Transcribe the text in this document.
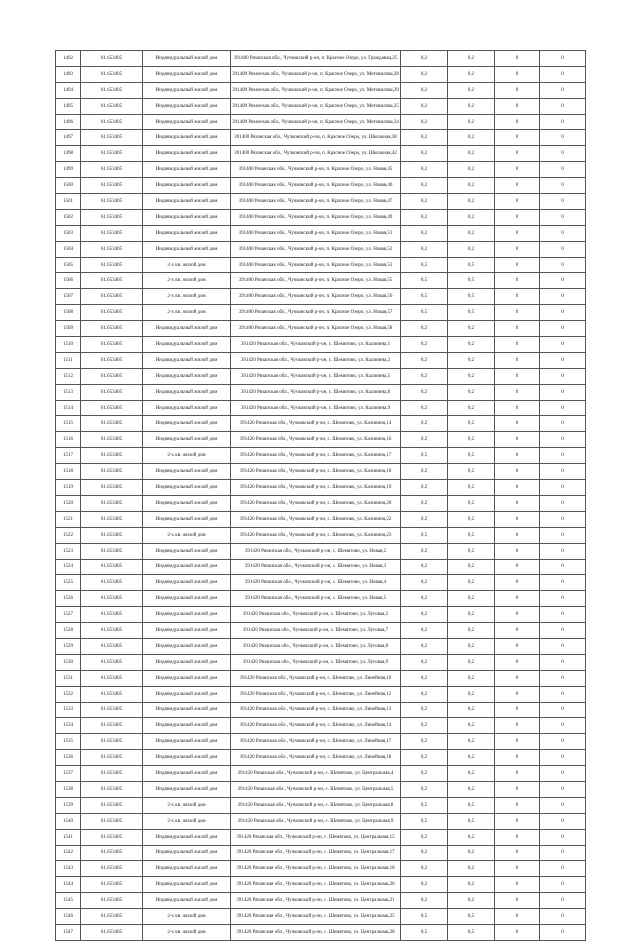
1492	61.653405	Индивидуальный жилой дом	391400 Рязанская обл., Чучковский р-он, п. Красное Озеро, ул. Гражданка,25	0,2	0,2	0	0
1493	61.653405	Индивидуальный жилой дом	391400 Рязанская обл., Чучковский р-он, п. Красное Озеро, ул. Мотовилова,28	0,2	0,2	0	0
1494	61.653405	Индивидуальный жилой дом	391400 Рязанская обл., Чучковский р-он, п. Красное Озеро, ул. Мотовилова,29	0,2	0,2	0	0
1495	61.653405	Индивидуальный жилой дом	391400 Рязанская обл., Чучковский р-он, п. Красное Озеро, ул. Мотовилова,35	0,2	0,2	0	0
1496	61.653405	Индивидуальный жилой дом	391400 Рязанская обл., Чучковский р-он, п. Красное Озеро, ул. Мотовилова,34	0,2	0,2	0	0
1497	61.653405	Индивидуальный жилой дом	391400 Рязанская обл., Чучковский р-он, п. Красное Озеро, ул. Школьная,38	0,2	0,2	0	0
1498	61.653405	Индивидуальный жилой дом	391400 Рязанская обл., Чучковский р-он, п. Красное Озеро, ул. Школьная,42	0,2	0,2	0	0
1499	61.653405	Индивидуальный жилой дом	391400 Рязанская обл., Чучковский р-он, п. Красное Озеро, ул. Новая,45	0,2	0,2	0	0
1500	61.653405	Индивидуальный жилой дом	391400 Рязанская обл., Чучковский р-он, п. Красное Озеро, ул. Новая,46	0,2	0,2	0	0
1501	61.653405	Индивидуальный жилой дом	391400 Рязанская обл., Чучковский р-он, п. Красное Озеро, ул. Новая,47	0,2	0,2	0	0
1502	61.653405	Индивидуальный жилой дом	391400 Рязанская обл., Чучковский р-он, п. Красное Озеро, ул. Новая,49	0,2	0,2	0	0
1503	61.653405	Индивидуальный жилой дом	391400 Рязанская обл., Чучковский р-он, п. Красное Озеро, ул. Новая,51	0,2	0,2	0	0
1504	61.653405	Индивидуальный жилой дом	391400 Рязанская обл., Чучковский р-он, п. Красное Озеро, ул. Новая,52	0,2	0,2	0	0
1505	61.653405	2-х кв. жилой дом	391400 Рязанская обл., Чучковский р-он, п. Красное Озеро, ул. Новая,53	0,5	0,5	0	0
1506	61.653405	2-х кв. жилой дом	391400 Рязанская обл., Чучковский р-он, п. Красное Озеро, ул. Новая,55	0,5	0,5	0	0
1507	61.653405	2-х кв. жилой дом	391400 Рязанская обл., Чучковский р-он, п. Красное Озеро, ул. Новая,56	0,5	0,5	0	0
1508	61.653405	2-х кв. жилой дом	391400 Рязанская обл., Чучковский р-он, п. Красное Озеро, ул. Новая,57	0,5	0,5	0	0
1509	61.653405	Индивидуальный жилой дом	391400 Рязанская обл., Чучковский р-он, п. Красное Озеро, ул. Новая,58	0,2	0,2	0	0
1510	61.653405	Индивидуальный жилой дом	391420 Рязанская обл., Чучковский р-он, с. Шемятово, ул. Калинина,1	0,2	0,2	0	0
1511	61.653405	Индивидуальный жилой дом	391420 Рязанская обл., Чучковский р-он, с. Шемятово, ул. Калинина,2	0,2	0,2	0	0
1512	61.653405	Индивидуальный жилой дом	391420 Рязанская обл., Чучковский р-он, с. Шемятово, ул. Калинина,5	0,2	0,2	0	0
1513	61.653405	Индивидуальный жилой дом	391420 Рязанская обл., Чучковский р-он, с. Шемятово, ул. Калинина,8	0,2	0,2	0	0
1514	61.653405	Индивидуальный жилой дом	391420 Рязанская обл., Чучковский р-он, с. Шемятово, ул. Калинина,9	0,2	0,2	0	0
1515	61.653405	Индивидуальный жилой дом	391420 Рязанская обл., Чучковский р-он, с. Шемятово, ул. Калинина,14	0,2	0,2	0	0
1516	61.653405	Индивидуальный жилой дом	391420 Рязанская обл., Чучковский р-он, с. Шемятово, ул. Калинина,16	0,2	0,2	0	0
1517	61.653405	2-х кв. жилой дом	391420 Рязанская обл., Чучковский р-он, с. Шемятово, ул. Калинина,17	0,5	0,5	0	0
1518	61.653405	Индивидуальный жилой дом	391420 Рязанская обл., Чучковский р-он, с. Шемятово, ул. Калинина,18	0,2	0,2	0	0
1519	61.653405	Индивидуальный жилой дом	391420 Рязанская обл., Чучковский р-он, с. Шемятово, ул. Калинина,19	0,2	0,2	0	0
1520	61.653405	Индивидуальный жилой дом	391420 Рязанская обл., Чучковский р-он, с. Шемятово, ул. Калинина,20	0,2	0,2	0	0
1521	61.653405	Индивидуальный жилой дом	391420 Рязанская обл., Чучковский р-он, с. Шемятово, ул. Калинина,22	0,2	0,2	0	0
1522	61.653405	2-х кв. жилой дом	391420 Рязанская обл., Чучковский р-он, с. Шемятово, ул. Калинина,23	0,5	0,5	0	0
1523	61.653405	Индивидуальный жилой дом	391420 Рязанская обл., Чучковский р-он, с. Шемятово, ул. Новая,2	0,2	0,2	0	0
1524	61.653405	Индивидуальный жилой дом	391420 Рязанская обл., Чучковский р-он, с. Шемятово, ул. Новая,3	0,2	0,2	0	0
1525	61.653405	Индивидуальный жилой дом	391420 Рязанская обл., Чучковский р-он, с. Шемятово, ул. Новая,4	0,2	0,2	0	0
1526	61.653405	Индивидуальный жилой дом	391420 Рязанская обл., Чучковский р-он, с. Шемятово, ул. Новая,5	0,2	0,2	0	0
1527	61.653405	Индивидуальный жилой дом	391420 Рязанская обл., Чучковский р-он, с. Шемятово, ул. Луговая,2	0,2	0,2	0	0
1528	61.653405	Индивидуальный жилой дом	391420 Рязанская обл., Чучковский р-он, с. Шемятово, ул. Луговая,7	0,2	0,2	0	0
1529	61.653405	Индивидуальный жилой дом	391420 Рязанская обл., Чучковский р-он, с. Шемятово, ул. Луговая,8	0,2	0,2	0	0
1530	61.653405	Индивидуальный жилой дом	391420 Рязанская обл., Чучковский р-он, с. Шемятово, ул. Луговая,9	0,2	0,2	0	0
1531	61.653405	Индивидуальный жилой дом	391420 Рязанская обл., Чучковский р-он, с. Шемятово, ул. Линейная,10	0,2	0,2	0	0
1532	61.653405	Индивидуальный жилой дом	391420 Рязанская обл., Чучковский р-он, с. Шемятово, ул. Линейная,12	0,2	0,2	0	0
1533	61.653405	Индивидуальный жилой дом	391420 Рязанская обл., Чучковский р-он, с. Шемятово, ул. Линейная,13	0,2	0,2	0	0
1534	61.653405	Индивидуальный жилой дом	391420 Рязанская обл., Чучковский р-он, с. Шемятово, ул. Линейная,14	0,2	0,2	0	0
1535	61.653405	Индивидуальный жилой дом	391420 Рязанская обл., Чучковский р-он, с. Шемятово, ул. Линейная,17	0,2	0,2	0	0
1536	61.653405	Индивидуальный жилой дом	391420 Рязанская обл., Чучковский р-он, с. Шемятово, ул. Линейная,18	0,2	0,2	0	0
1537	61.653405	Индивидуальный жилой дом	391420 Рязанская обл., Чучковский р-он, с. Шемятово, ул. Центральная,4	0,2	0,2	0	0
1538	61.653405	Индивидуальный жилой дом	391420 Рязанская обл., Чучковский р-он, с. Шемятово, ул. Центральная,5	0,2	0,2	0	0
1539	61.653405	2-х кв. жилой дом	391420 Рязанская обл., Чучковский р-он, с. Шемятово, ул. Центральная,8	0,5	0,5	0	0
1540	61.653405	2-х кв. жилой дом	391420 Рязанская обл., Чучковский р-он, с. Шемятово, ул. Центральная,9	0,5	0,5	0	0
1541	61.653405	Индивидуальный жилой дом	391420 Рязанская обл., Чучковский р-он, с. Шемятово, ул. Центральная,15	0,2	0,2	0	0
1542	61.653405	Индивидуальный жилой дом	391420 Рязанская обл., Чучковский р-он, с. Шемятово, ул. Центральная,17	0,2	0,2	0	0
1543	61.653405	Индивидуальный жилой дом	391420 Рязанская обл., Чучковский р-он, с. Шемятово, ул. Центральная,18	0,2	0,2	0	0
1544	61.653405	Индивидуальный жилой дом	391420 Рязанская обл., Чучковский р-он, с. Шемятово, ул. Центральная,20	0,2	0,2	0	0
1545	61.653405	Индивидуальный жилой дом	391420 Рязанская обл., Чучковский р-он, с. Шемятово, ул. Центральная,21	0,2	0,2	0	0
1546	61.653405	2-х кв. жилой дом	391420 Рязанская обл., Чучковский р-он, с. Шемятово, ул. Центральная,25	0,5	0,5	0	0
1547	61.653405	2-х кв. жилой дом	391420 Рязанская обл., Чучковский р-он, с. Шемятово, ул. Центральная,28	0,5	0,5	0	0
